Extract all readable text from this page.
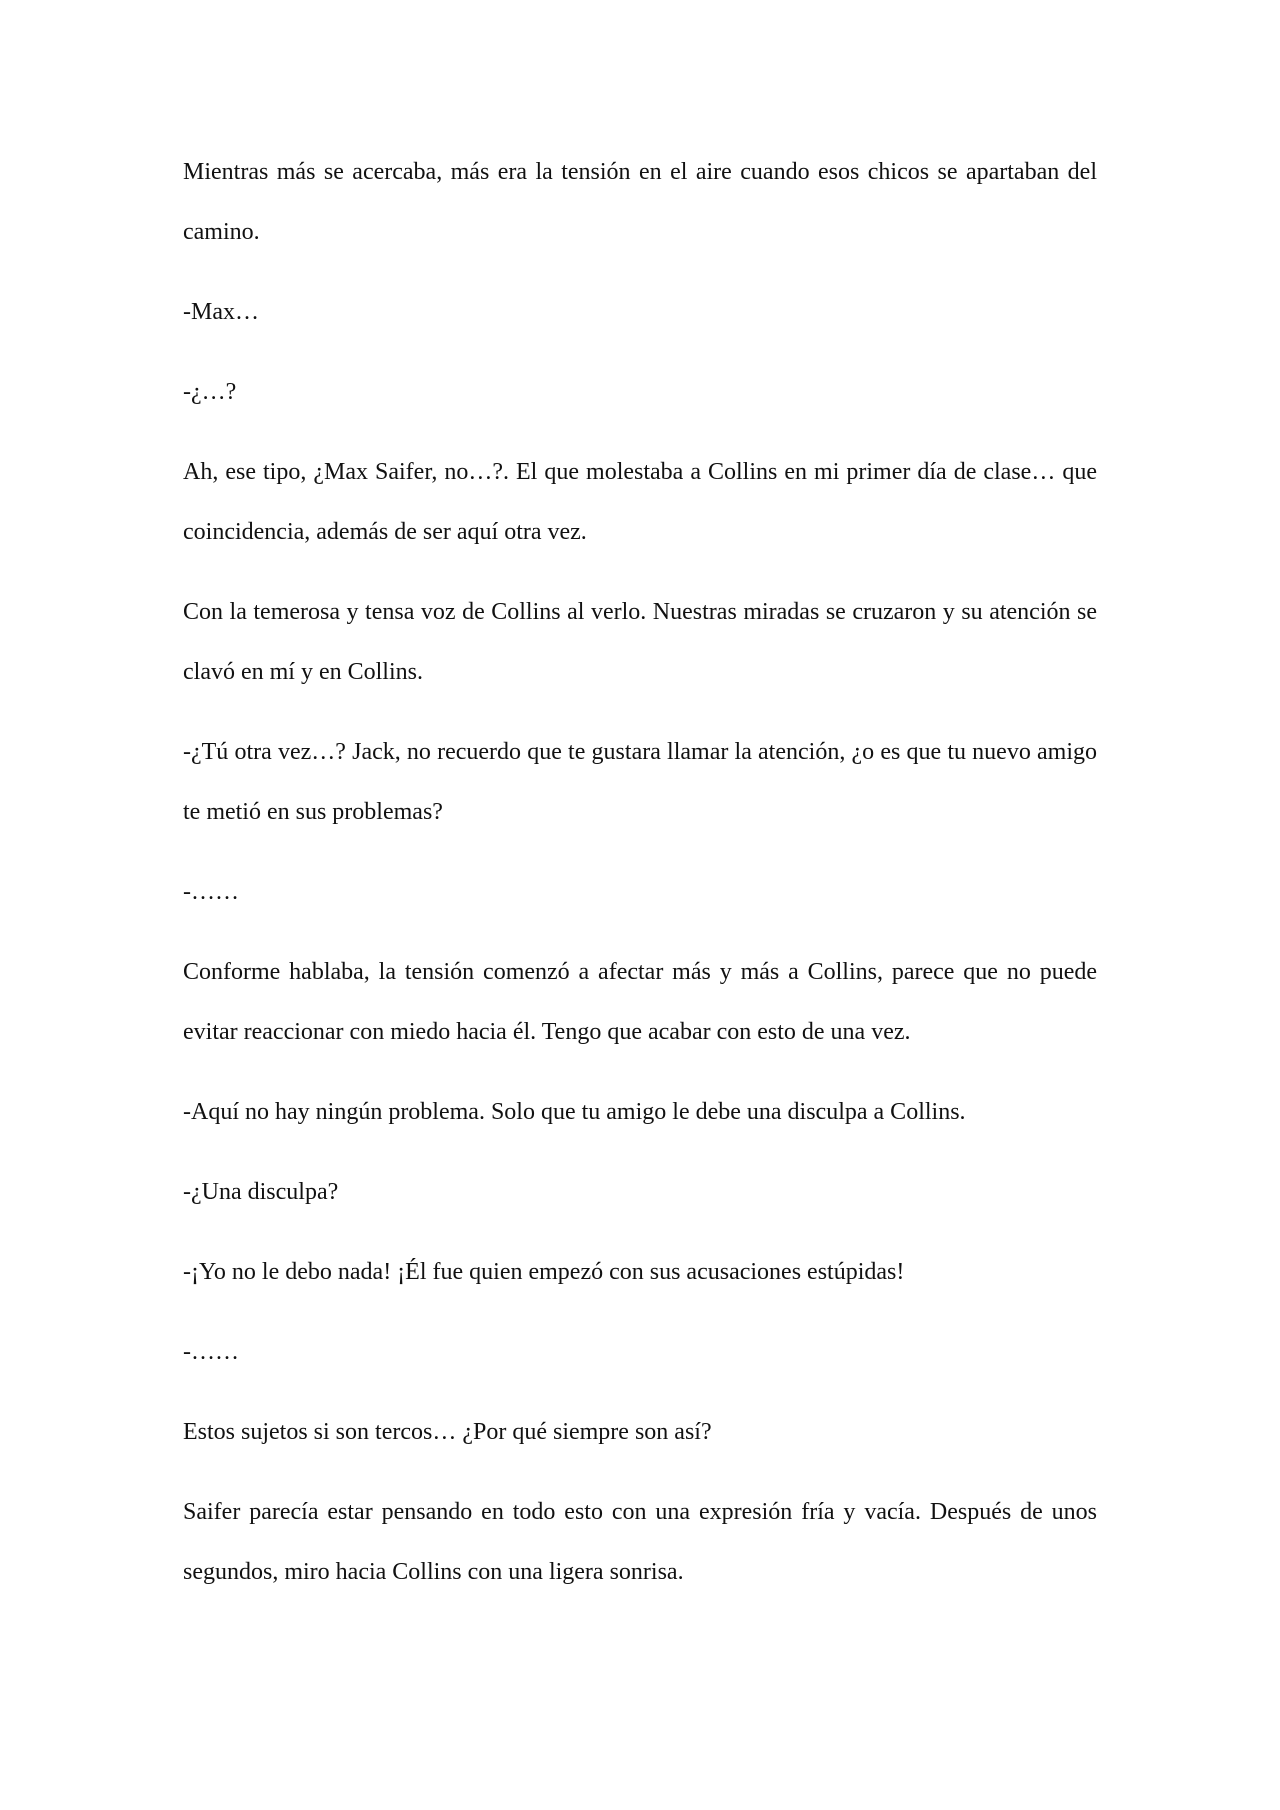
Mientras más se acercaba, más era la tensión en el aire cuando esos chicos se apartaban del camino.

-Max…

-¿…?

Ah, ese tipo, ¿Max Saifer, no…?. El que molestaba a Collins en mi primer día de clase… que coincidencia, además de ser aquí otra vez.

Con la temerosa y tensa voz de Collins al verlo. Nuestras miradas se cruzaron y su atención se clavó en mí y en Collins.

-¿Tú otra vez…? Jack, no recuerdo que te gustara llamar la atención, ¿o es que tu nuevo amigo te metió en sus problemas?

-……

Conforme hablaba, la tensión comenzó a afectar más y más a Collins, parece que no puede evitar reaccionar con miedo hacia él. Tengo que acabar con esto de una vez.

-Aquí no hay ningún problema. Solo que tu amigo le debe una disculpa a Collins.

-¿Una disculpa?

-¡Yo no le debo nada! ¡Él fue quien empezó con sus acusaciones estúpidas!

-……

Estos sujetos si son tercos… ¿Por qué siempre son así?

Saifer parecía estar pensando en todo esto con una expresión fría y vacía. Después de unos segundos, miro hacia Collins con una ligera sonrisa.
